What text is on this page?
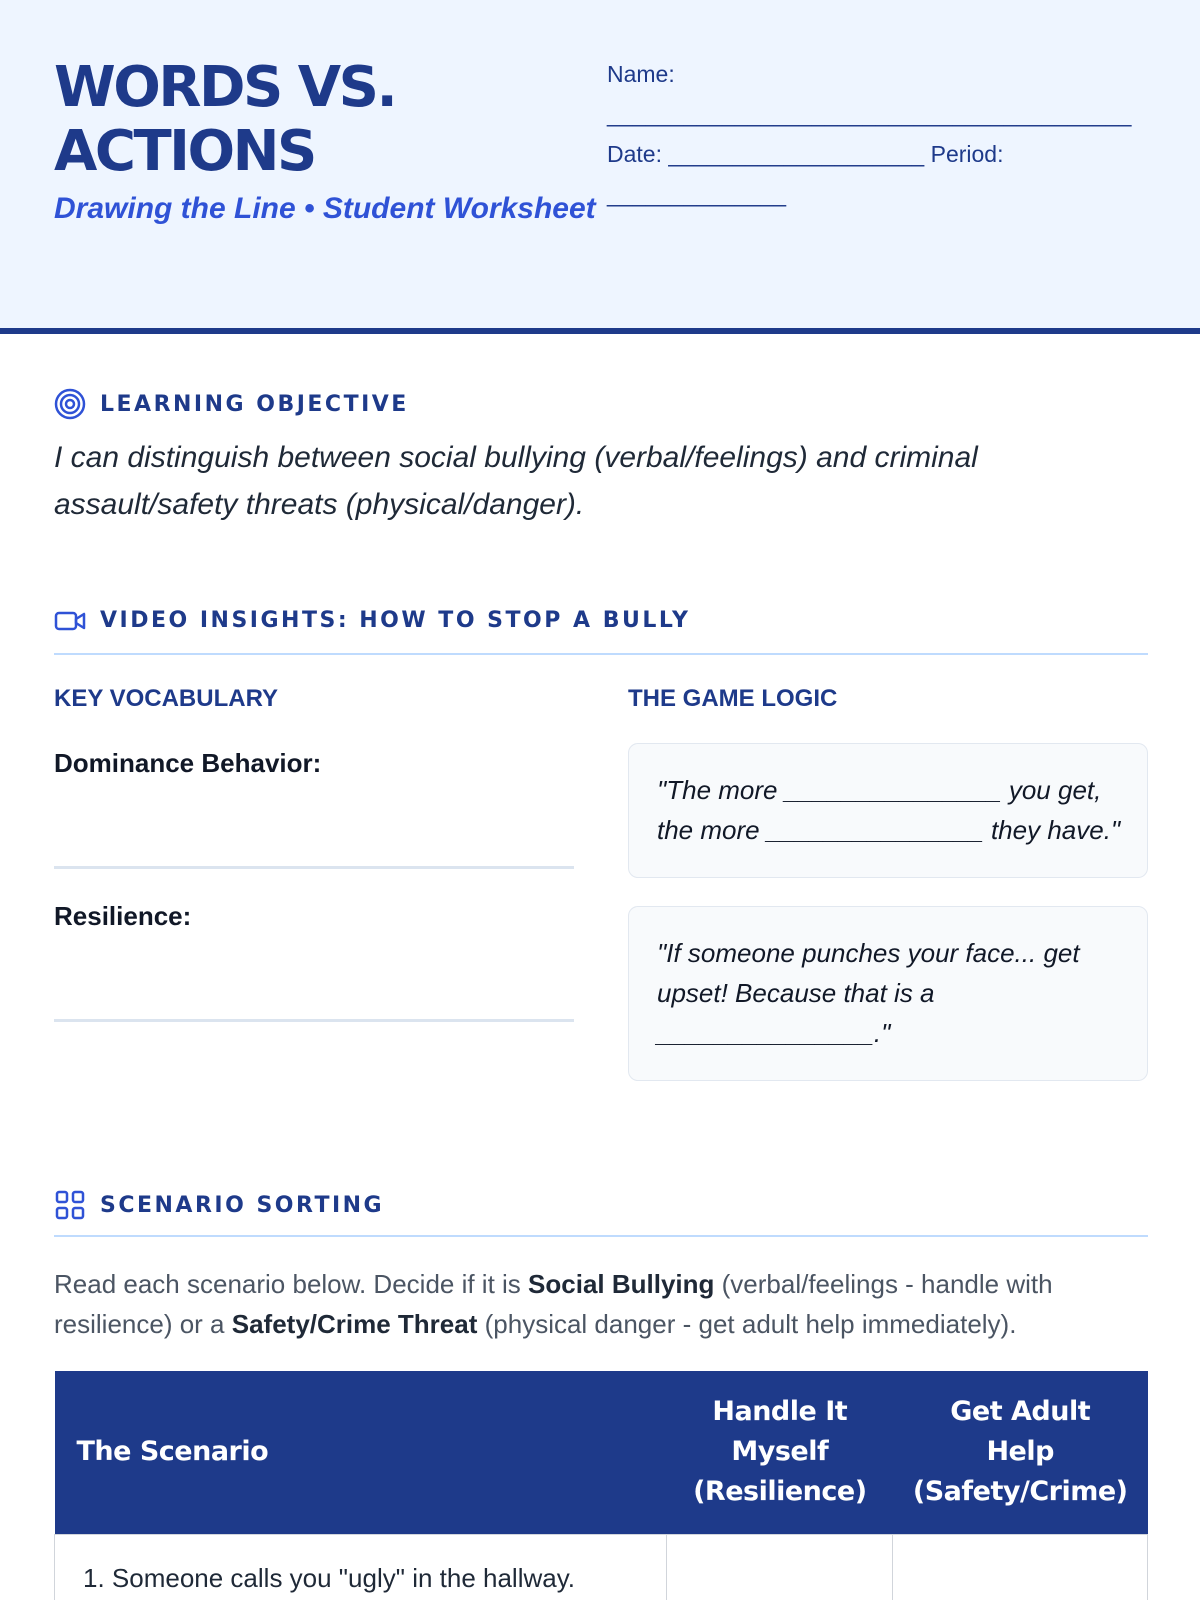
WORDS VS. ACTIONS
Drawing the Line • Student Worksheet
Name:
_________________________________________
Date: ____________________ Period:
______________
LEARNING OBJECTIVE
I can distinguish between social bullying (verbal/feelings) and criminal assault/safety threats (physical/danger).
VIDEO INSIGHTS: HOW TO STOP A BULLY
KEY VOCABULARY	THE GAME LOGIC
Dominance Behavior:
Resilience:
"The more _______________ you get, the more _______________ they have."
"If someone punches your face... get upset! Because that is a _______________."
SCENARIO SORTING
Read each scenario below. Decide if it is Social Bullying (verbal/feelings - handle with resilience) or a Safety/Crime Threat (physical danger - get adult help immediately).
The Scenario	Handle It Myself (Resilience)	Get Adult Help (Safety/Crime)
1. Someone calls you "ugly" in the hallway.		
